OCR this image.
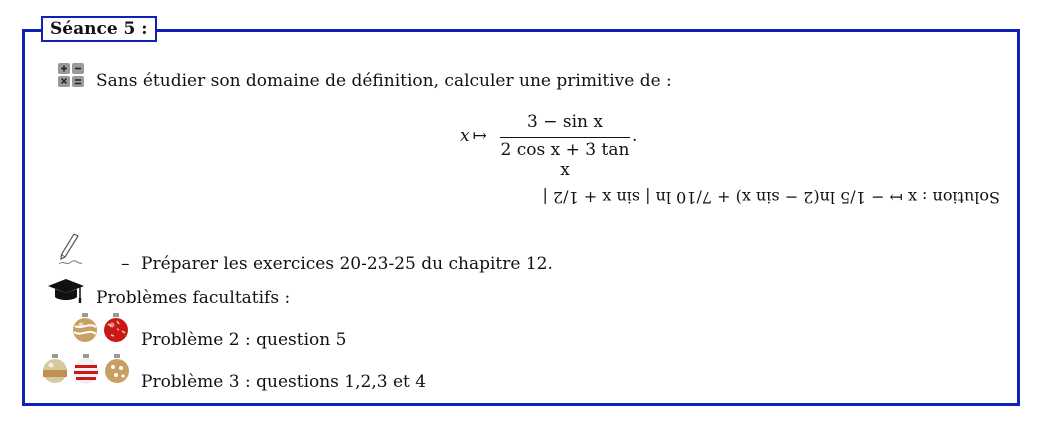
Séance 5 :
Sans étudier son domaine de définition, calculer une primitive de :
x ↦
3 − sin x
2 cos x + 3 tan x
.
Solution : x ↦ − 1/5 ln(2 − sin x) + 7/10 ln | sin x + 1/2 |
– Préparer les exercices 20-23-25 du chapitre 12.
Problèmes facultatifs :
Problème 2 : question 5
Problème 3 : questions 1,2,3 et 4
